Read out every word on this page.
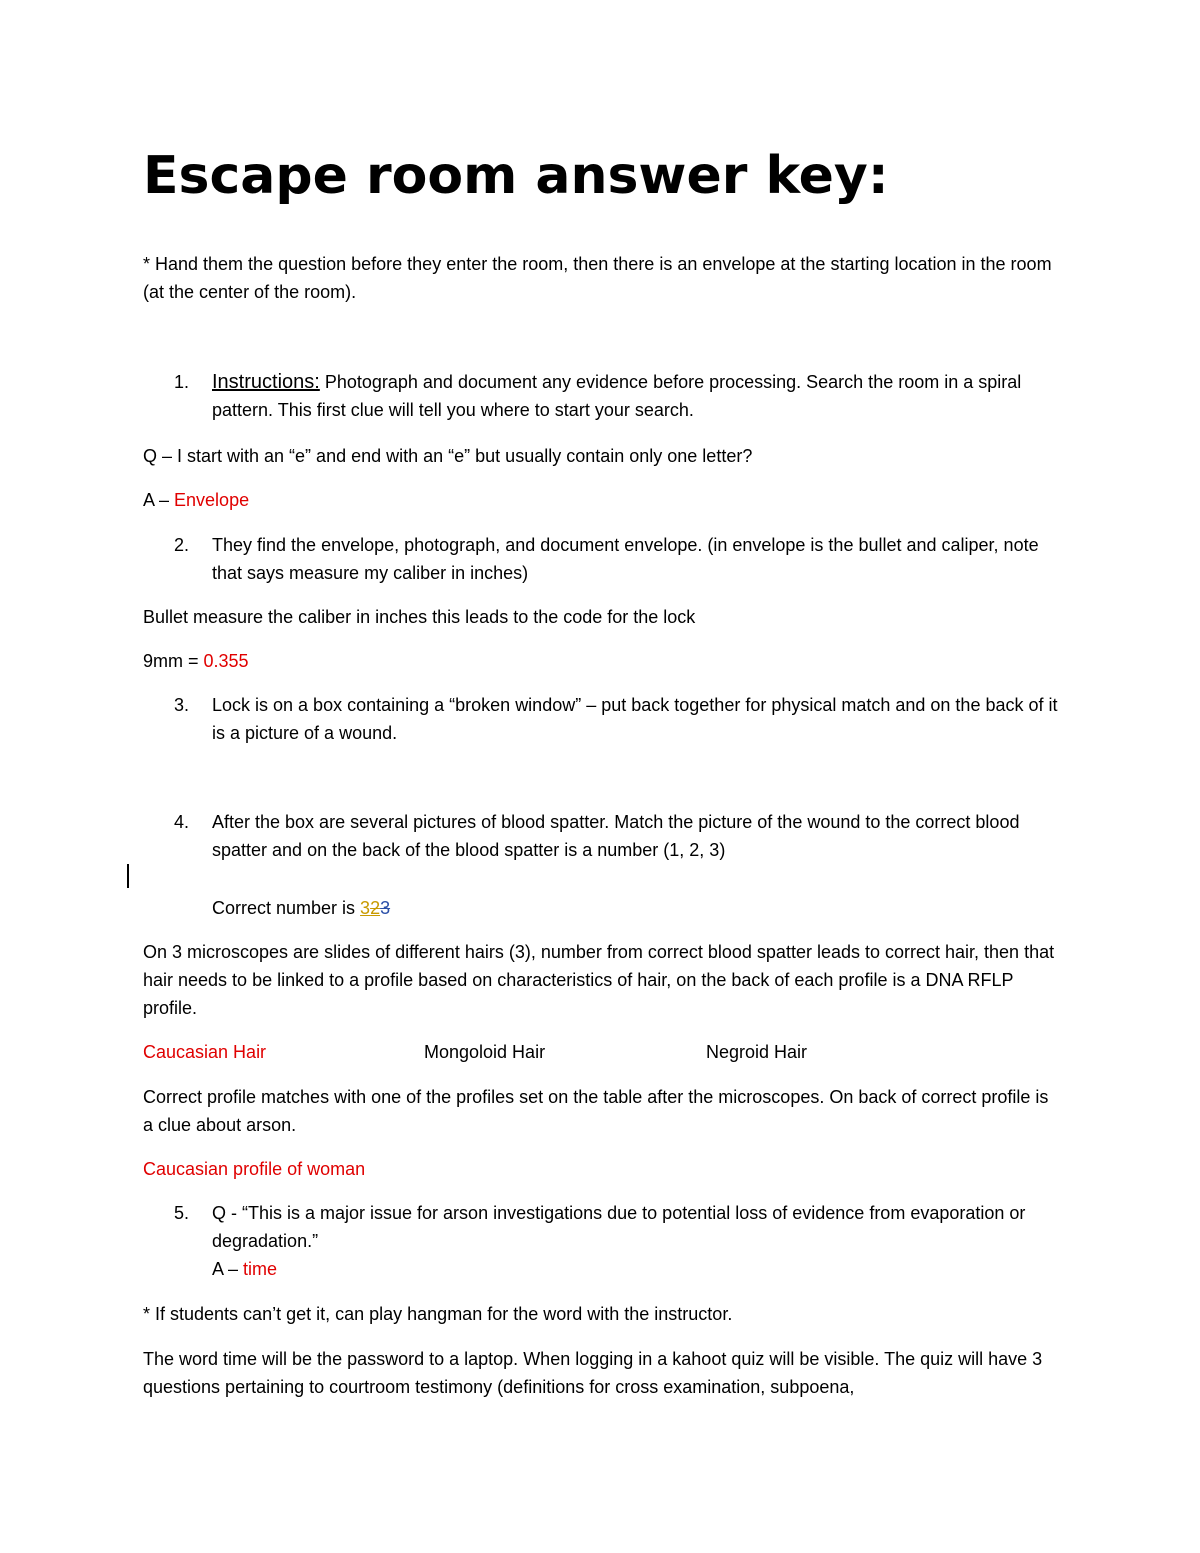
Escape room answer key:

* Hand them the question before they enter the room, then there is an envelope at the starting location in the room (at the center of the room).

1. Instructions: Photograph and document any evidence before processing. Search the room in a spiral pattern. This first clue will tell you where to start your search.

Q – I start with an “e” and end with an “e” but usually contain only one letter?

A – Envelope

2. They find the envelope, photograph, and document envelope. (in envelope is the bullet and caliper, note that says measure my caliber in inches)

Bullet measure the caliber in inches this leads to the code for the lock

9mm = 0.355

3. Lock is on a box containing a “broken window” – put back together for physical match and on the back of it is a picture of a wound.

4. After the box are several pictures of blood spatter. Match the picture of the wound to the correct blood spatter and on the back of the blood spatter is a number (1, 2, 3)

Correct number is 323

On 3 microscopes are slides of different hairs (3), number from correct blood spatter leads to correct hair, then that hair needs to be linked to a profile based on characteristics of hair, on the back of each profile is a DNA RFLP profile.

Caucasian Hair	Mongoloid Hair	Negroid Hair

Correct profile matches with one of the profiles set on the table after the microscopes. On back of correct profile is a clue about arson.

Caucasian profile of woman

5. Q - “This is a major issue for arson investigations due to potential loss of evidence from evaporation or degradation.”
A – time

* If students can’t get it, can play hangman for the word with the instructor.

The word time will be the password to a laptop. When logging in a kahoot quiz will be visible. The quiz will have 3 questions pertaining to courtroom testimony (definitions for cross examination, subpoena,
